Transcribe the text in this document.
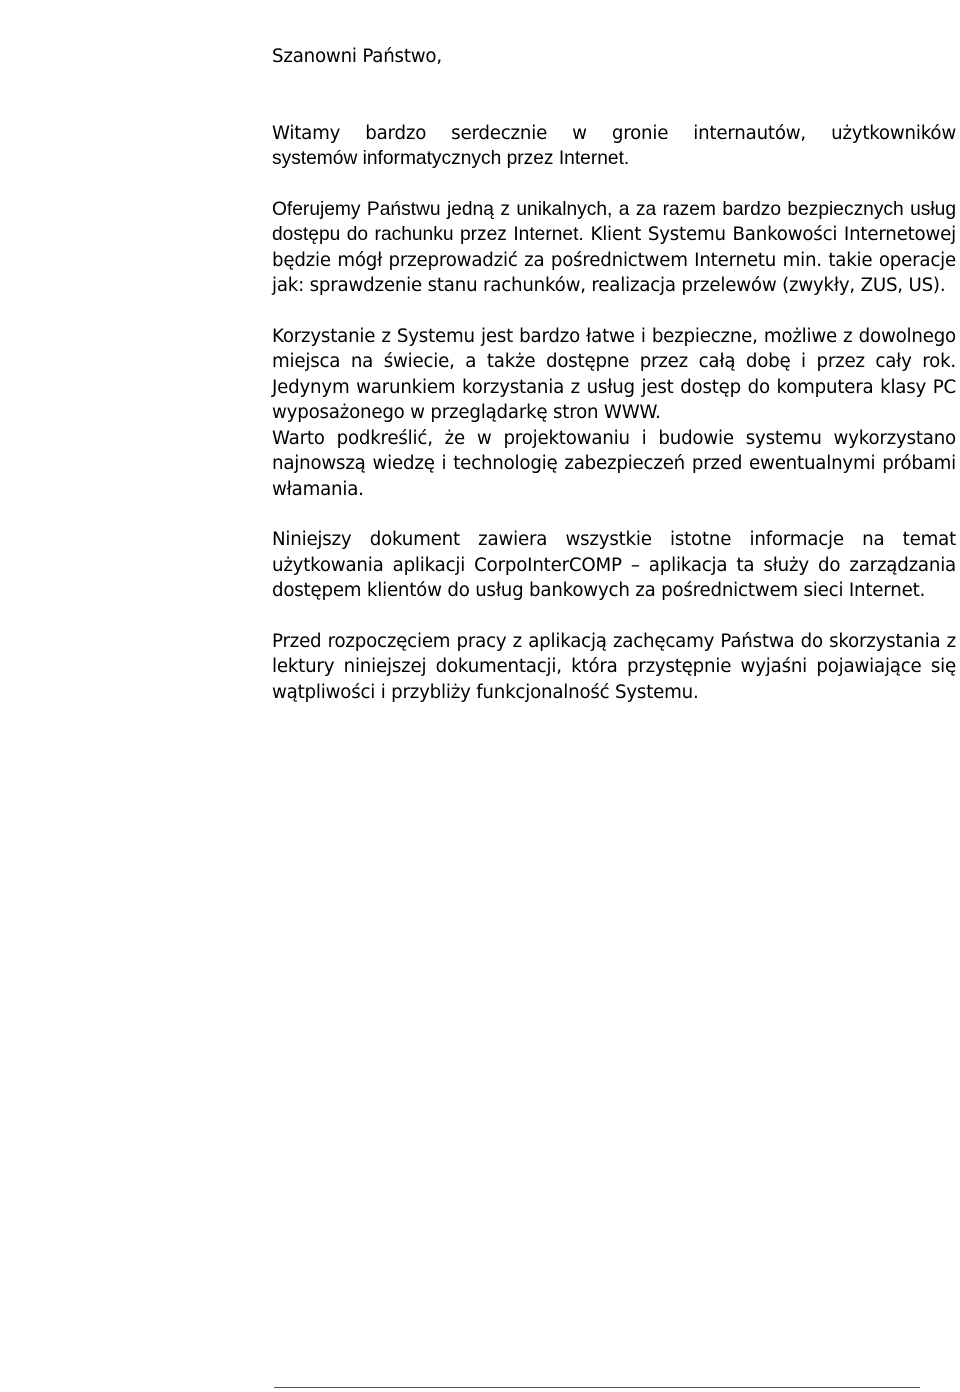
Szanowni Państwo,

Witamy bardzo serdecznie w gronie internautów, użytkowników
systemów informatycznych przez Internet.

Oferujemy Państwu jedną z unikalnych, a za razem bardzo bezpiecznych usług dostępu do rachunku przez Internet. Klient Systemu Bankowości Internetowej będzie mógł przeprowadzić za pośrednictwem Internetu min. takie operacje jak: sprawdzenie stanu rachunków, realizacja przelewów (zwykły, ZUS, US).

Korzystanie z Systemu jest bardzo łatwe i bezpieczne, możliwe z dowolnego miejsca na świecie, a także dostępne przez całą dobę i przez cały rok. Jedynym warunkiem korzystania z usług jest dostęp do komputera klasy PC wyposażonego w przeglądarkę stron WWW.

Warto podkreślić, że w projektowaniu i budowie systemu wykorzystano najnowszą wiedzę i technologię zabezpieczeń przed ewentualnymi próbami włamania.

Niniejszy dokument zawiera wszystkie istotne informacje na temat użytkowania aplikacji CorpoInterCOMP – aplikacja ta służy do zarządzania dostępem klientów do usług bankowych za pośrednictwem sieci Internet.

Przed rozpoczęciem pracy z aplikacją zachęcamy Państwa do skorzystania z lektury niniejszej dokumentacji, która przystępnie wyjaśni pojawiające się wątpliwości i przybliży funkcjonalność Systemu.
